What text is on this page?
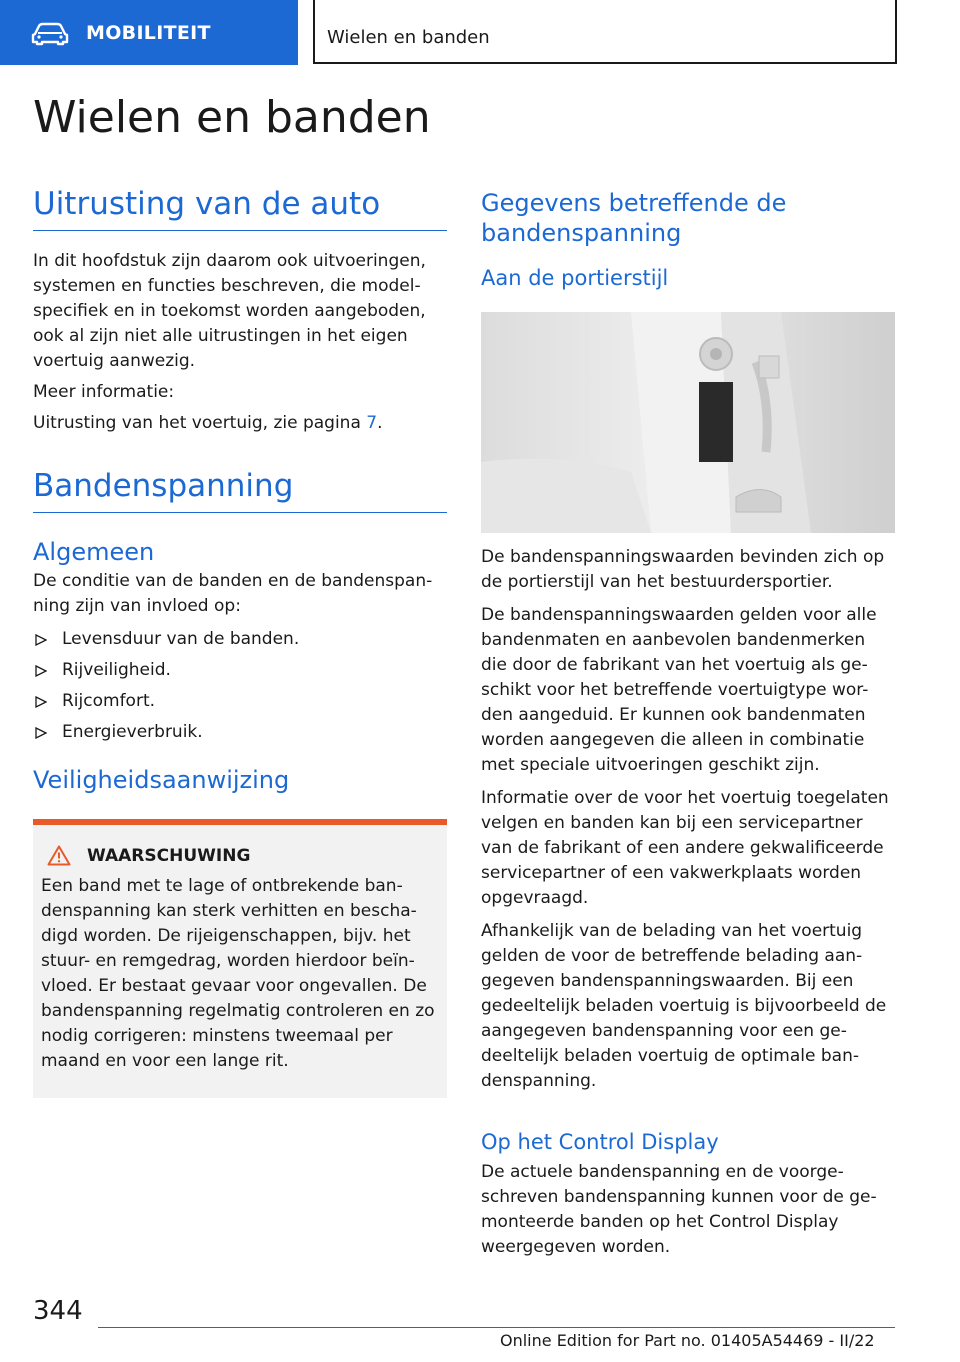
MOBILITEIT	Wielen en banden
Wielen en banden
Uitrusting van de auto

In dit hoofdstuk zijn daarom ook uitvoeringen, systemen en functies beschreven, die model-specifiek en in toekomst worden aangeboden, ook al zijn niet alle uitrustingen in het eigen voertuig aanwezig.

Meer informatie:

Uitrusting van het voertuig, zie pagina 7.

Bandenspanning
Algemeen

De conditie van de banden en de bandenspan-ning zijn van invloed op:

Levensduur van de banden.
Rijveiligheid.
Rijcomfort.
Energieverbruik.
Veiligheidsaanwijzing
WAARSCHUWING

Een band met te lage of ontbrekende ban-denspanning kan sterk verhitten en bescha-digd worden. De rijeigenschappen, bijv. het stuur- en remgedrag, worden hierdoor beïn-vloed. Er bestaat gevaar voor ongevallen. De bandenspanning regelmatig controleren en zo nodig corrigeren: minstens tweemaal per maand en voor een lange rit.

Gegevens betreffende de bandenspanning
Aan de portierstijl

De bandenspanningswaarden bevinden zich op de portierstijl van het bestuurdersportier.

De bandenspanningswaarden gelden voor alle bandenmaten en aanbevolen bandenmerken die door de fabrikant van het voertuig als ge-schikt voor het betreffende voertuigtype wor-den aangeduid. Er kunnen ook bandenmaten worden aangegeven die alleen in combinatie met speciale uitvoeringen geschikt zijn.

Informatie over de voor het voertuig toegelaten velgen en banden kan bij een servicepartner van de fabrikant of een andere gekwalificeerde servicepartner of een vakwerkplaats worden opgevraagd.

Afhankelijk van de belading van het voertuig gelden de voor de betreffende belading aan-gegeven bandenspanningswaarden. Bij een gedeeltelijk beladen voertuig is bijvoorbeeld de aangegeven bandenspanning voor een ge-deeltelijk beladen voertuig de optimale ban-denspanning.

Op het Control Display

De actuele bandenspanning en de voorge-schreven bandenspanning kunnen voor de ge-monteerde banden op het Control Display weergegeven worden.

344
Online Edition for Part no. 01405A54469 - II/22
